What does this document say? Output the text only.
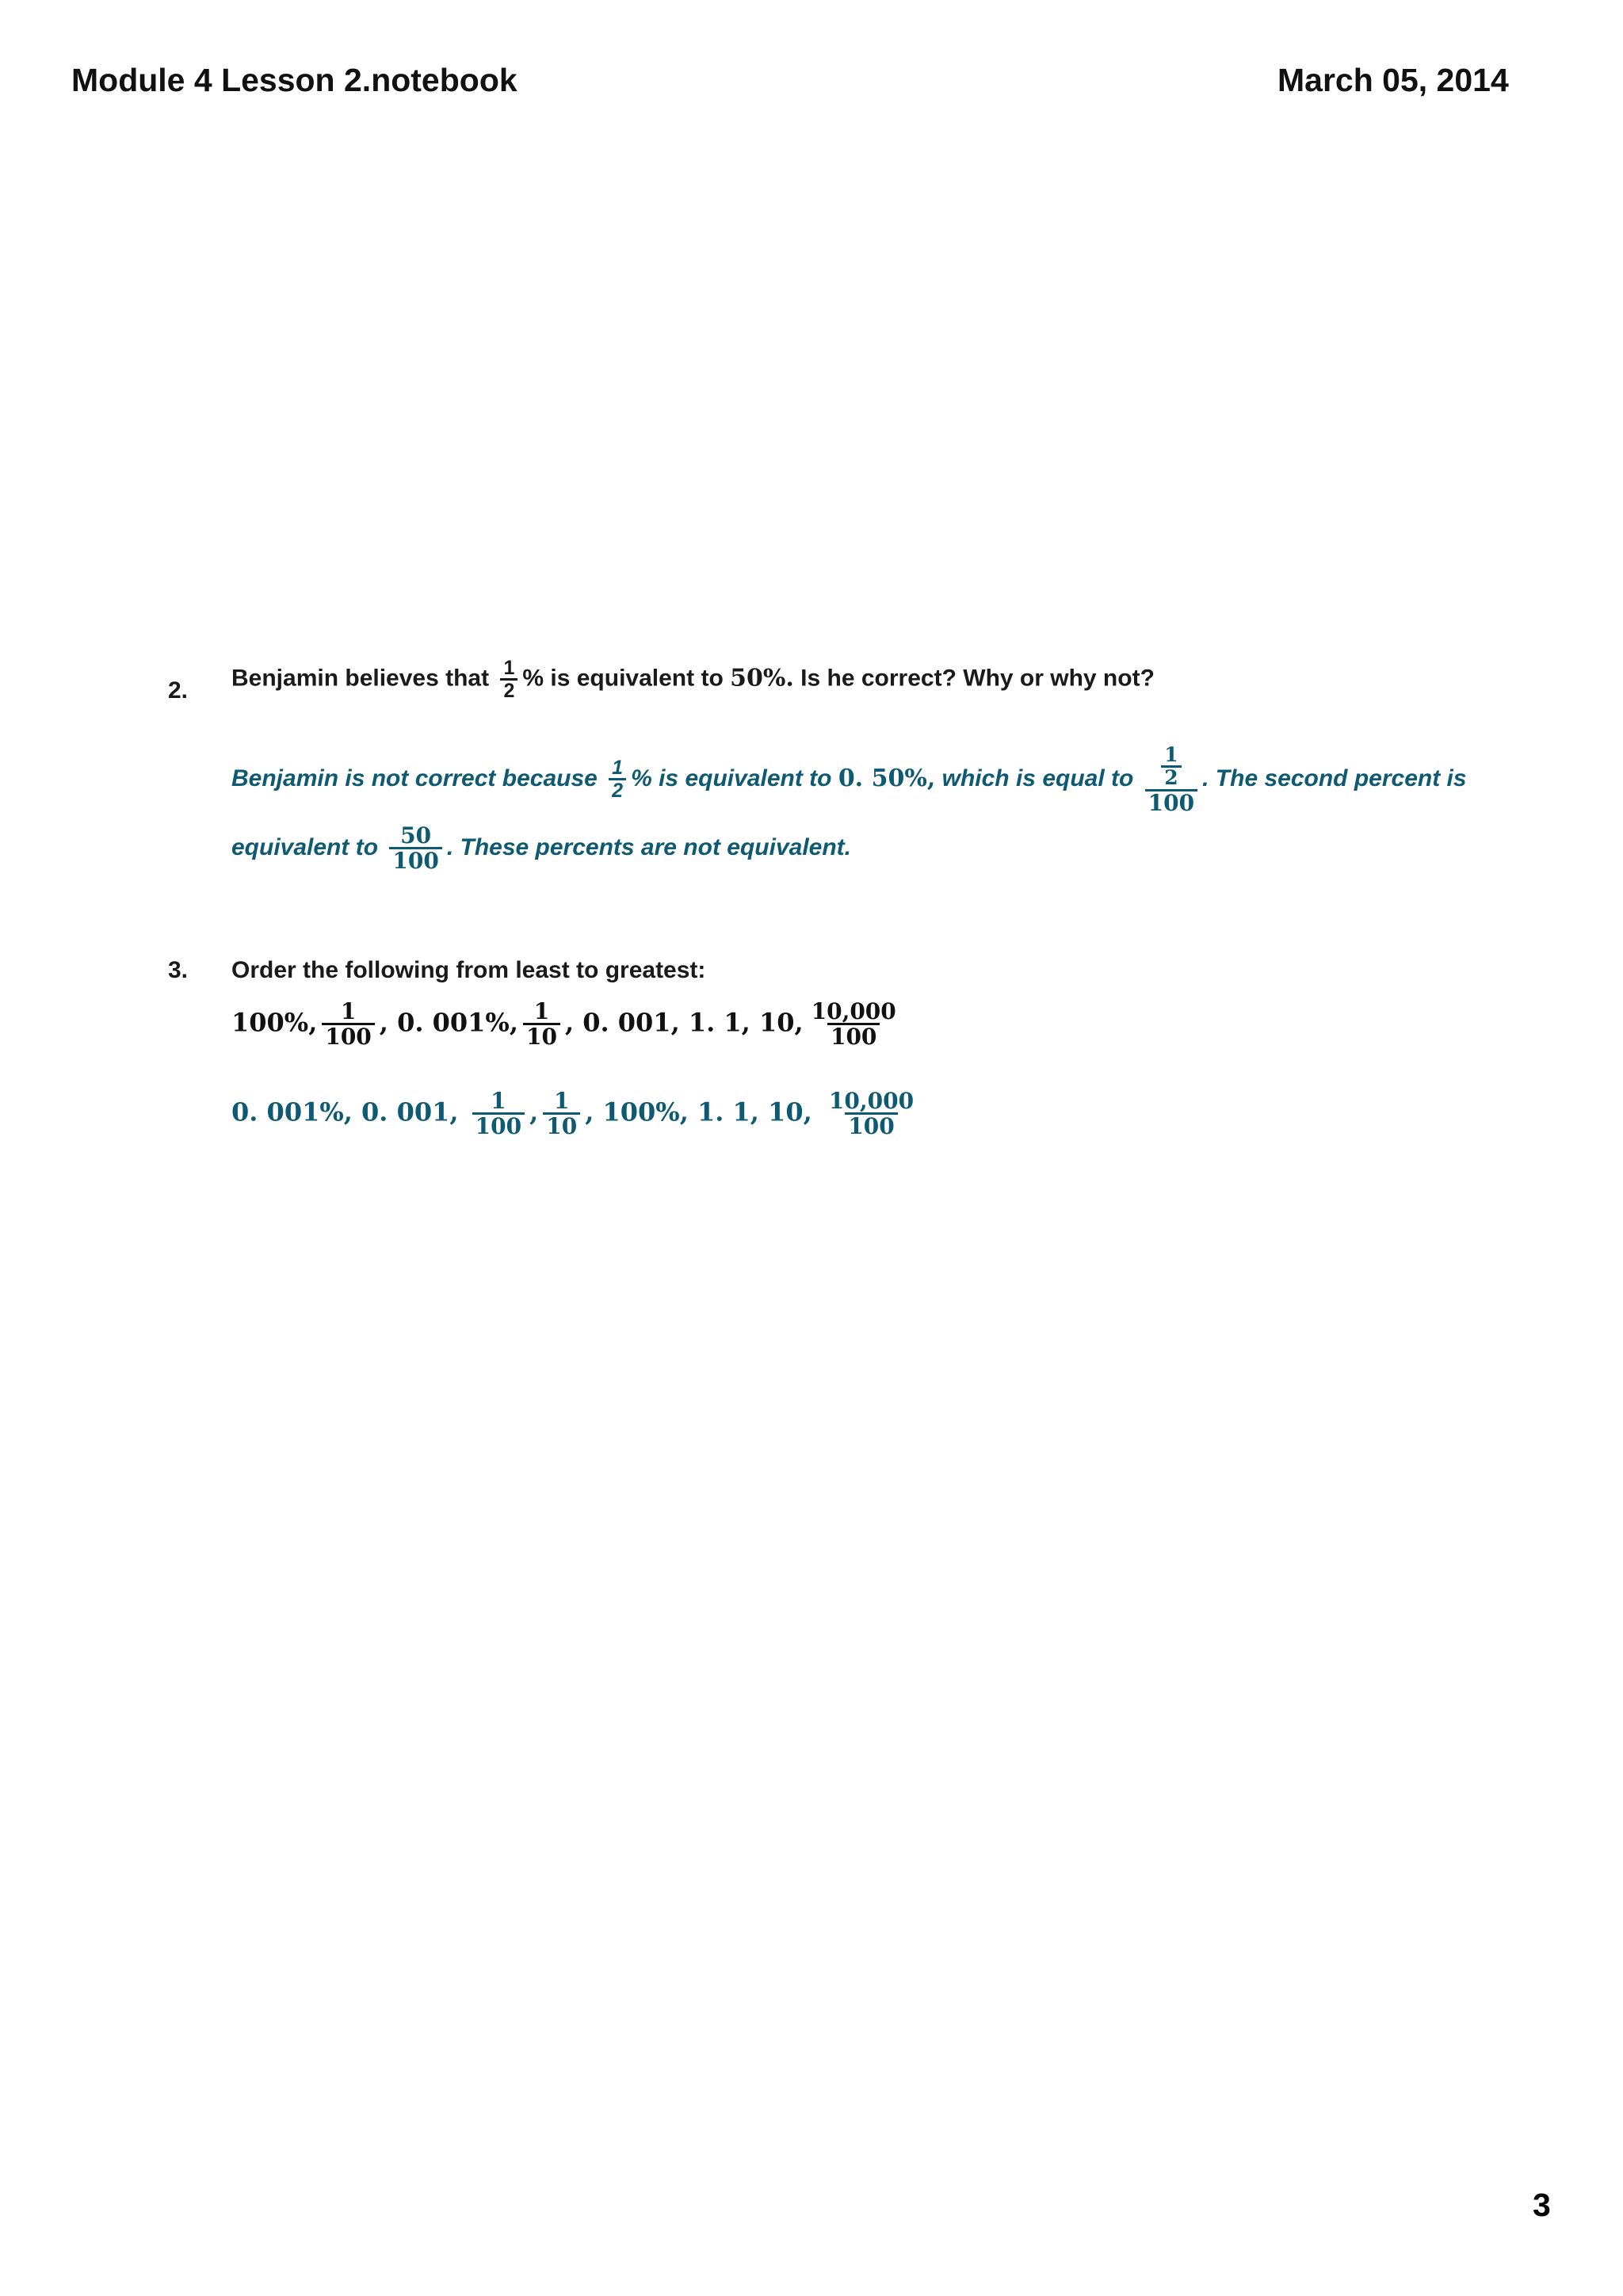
Module 4 Lesson 2.notebook	March 05, 2014
2. Benjamin believes that $\frac{1}{2}$ % is equivalent to 50%. Is he correct? Why or why not?
Benjamin is not correct because $\frac{1}{2}$ % is equivalent to 0. 50%, which is equal to $\frac{\frac{1}{2}}{100}$ . The second percent is
equivalent to $\frac{50}{100}$ . These percents are not equivalent.
3. Order the following from least to greatest:
100%, $\frac{1}{100}$ , 0. 001%, $\frac{1}{10}$ , 0. 001, 1. 1, 10, $\frac{10,000}{100}$
0. 001%, 0. 001, $\frac{1}{100}$ , $\frac{1}{10}$ , 100%, 1. 1, 10, $\frac{10,000}{100}$
3
